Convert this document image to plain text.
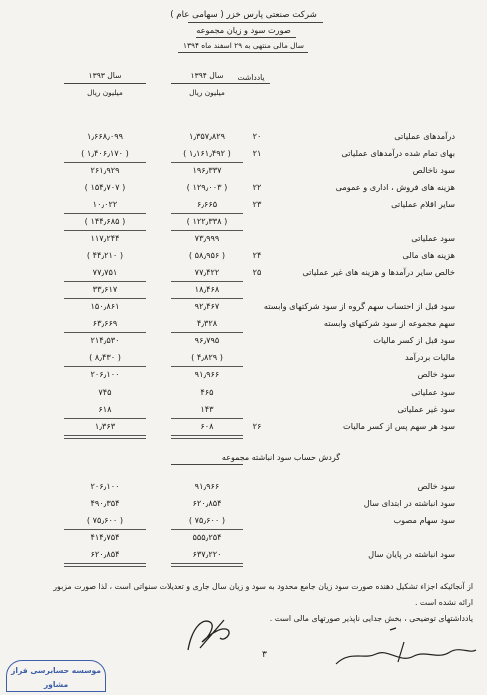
شرکت صنعتی پارس خزر ( سهامی عام )
صورت سود و زیان مجموعه
سال مالی منتهی به ۲۹ اسفند ماه ۱۳۹۴
یادداشت
سال ۱۳۹۴
سال ۱۳۹۳
میلیون ریال
میلیون ریال
درآمدهای عملیاتی
۲۰
۱٫۳۵۷٫۸۲۹
۱٫۶۶۸٫۰۹۹
بهای تمام شده درآمدهای عملیاتی
۲۱
( ۱٫۱۶۱٫۴۹۲ )
( ۱٫۴۰۶٫۱۷۰ )
سود ناخالص
۱۹۶٫۳۳۷
۲۶۱٫۹۲۹
هزینه های فروش ، اداری و عمومی
۲۲
( ۱۲۹٫۰۰۳ )
( ۱۵۴٫۷۰۷ )
سایر اقلام عملیاتی
۲۳
۶٫۶۶۵
۱۰٫۰۲۲
( ۱۲۲٫۳۳۸ )
( ۱۴۴٫۶۸۵ )
سود عملیاتی
۷۳٫۹۹۹
۱۱۷٫۲۴۴
هزینه های مالی
۲۴
( ۵۸٫۹۵۶ )
( ۴۴٫۲۱۰ )
خالص سایر درآمدها و هزینه های غیر عملیاتی
۲۵
۷۷٫۴۲۲
۷۷٫۷۵۱
۱۸٫۴۶۸
۳۳٫۶۱۷
سود قبل از احتساب سهم گروه از سود شرکتهای وابسته
۹۲٫۴۶۷
۱۵۰٫۸۶۱
سهم مجموعه از سود شرکتهای وابسته
۴٫۳۲۸
۶۳٫۶۶۹
سود قبل از کسر مالیات
۹۶٫۷۹۵
۲۱۴٫۵۳۰
مالیات بردرآمد
( ۴٫۸۲۹ )
( ۸٫۴۳۰ )
سود خالص
۹۱٫۹۶۶
۲۰۶٫۱۰۰
سود عملیاتی
۴۶۵
۷۴۵
سود غیر عملیاتی
۱۴۳
۶۱۸
سود هر سهم پس از کسر مالیات
۲۶
۶۰۸
۱٫۳۶۳
گردش حساب سود انباشته مجموعه
سود خالص
۹۱٫۹۶۶
۲۰۶٫۱۰۰
سود انباشته در ابتدای سال
۶۲۰٫۸۵۴
۴۹۰٫۳۵۴
سود سهام مصوب
( ۷۵٫۶۰۰ )
( ۷۵٫۶۰۰ )
۵۵۵٫۲۵۴
۴۱۴٫۷۵۴
سود انباشته در پایان سال
۶۳۷٫۲۲۰
۶۲۰٫۸۵۴
از آنجائیکه اجزاء تشکیل دهنده صورت سود زیان جامع محدود به سود و زیان سال جاری و تعدیلات سنواتی است ، لذا صورت مزبور
ارائه نشده است .
یادداشتهای توضیحی ، بخش جدایی ناپذیر صورتهای مالی است .
۳
موسسه حسابرسی فراز مشاور
